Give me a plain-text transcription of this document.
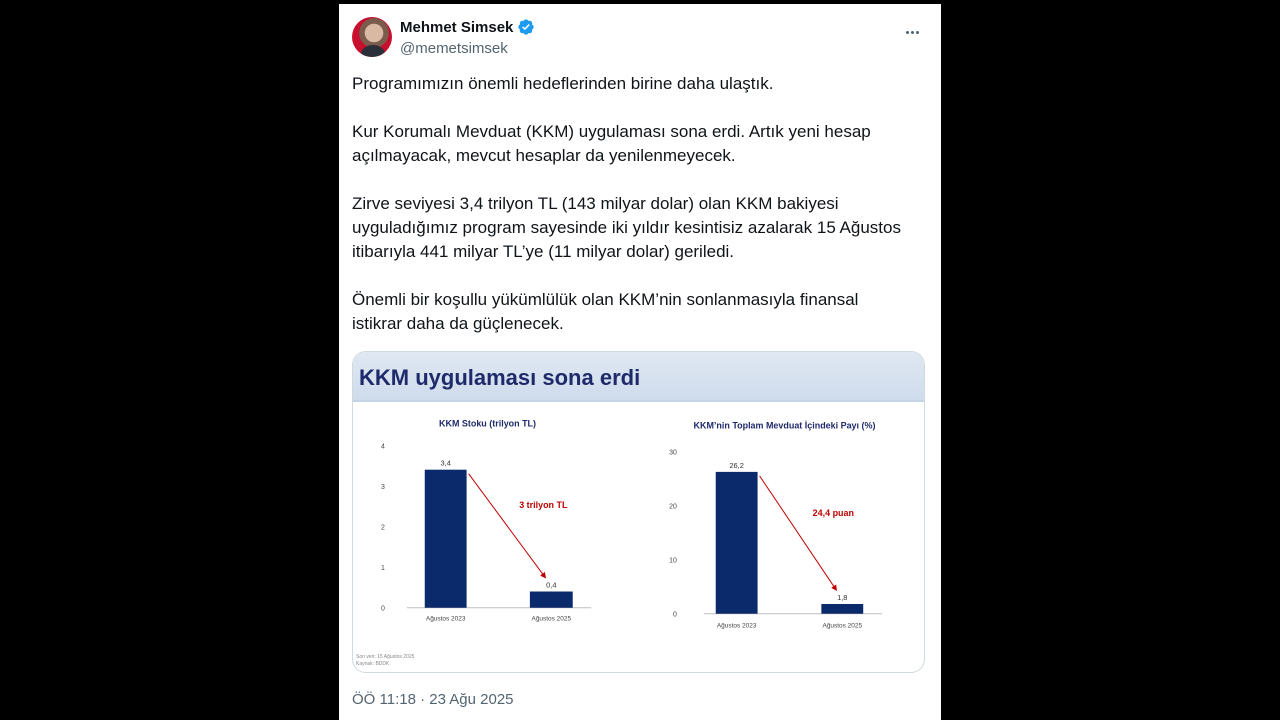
Mehmet Simsek
@memetsimsek
Programımızın önemli hedeflerinden birine daha ulaştık.
Kur Korumalı Mevduat (KKM) uygulaması sona erdi. Artık yeni hesap
açılmayacak, mevcut hesaplar da yenilenmeyecek.
Zirve seviyesi 3,4 trilyon TL (143 milyar dolar) olan KKM bakiyesi
uyguladığımız program sayesinde iki yıldır kesintisiz azalarak 15 Ağustos
itibarıyla 441 milyar TL’ye (11 milyar dolar) geriledi.
Önemli bir koşullu yükümlülük olan KKM’nin sonlanmasıyla finansal
istikrar daha da güçlenecek.
KKM uygulaması sona erdi
KKM Stoku (trilyon TL)
0
1
2
3
4
3,4
Ağustos 2023
0,4
Ağustos 2025
3 trilyon TL
KKM’nin Toplam Mevduat İçindeki Payı (%)
0
10
20
30
26,2
Ağustos 2023
1,8
Ağustos 2025
24,4 puan
Son veri: 15 Ağustos 2025
Kaynak: BDDK
ÖÖ 11:18 · 23 Ağu 2025
